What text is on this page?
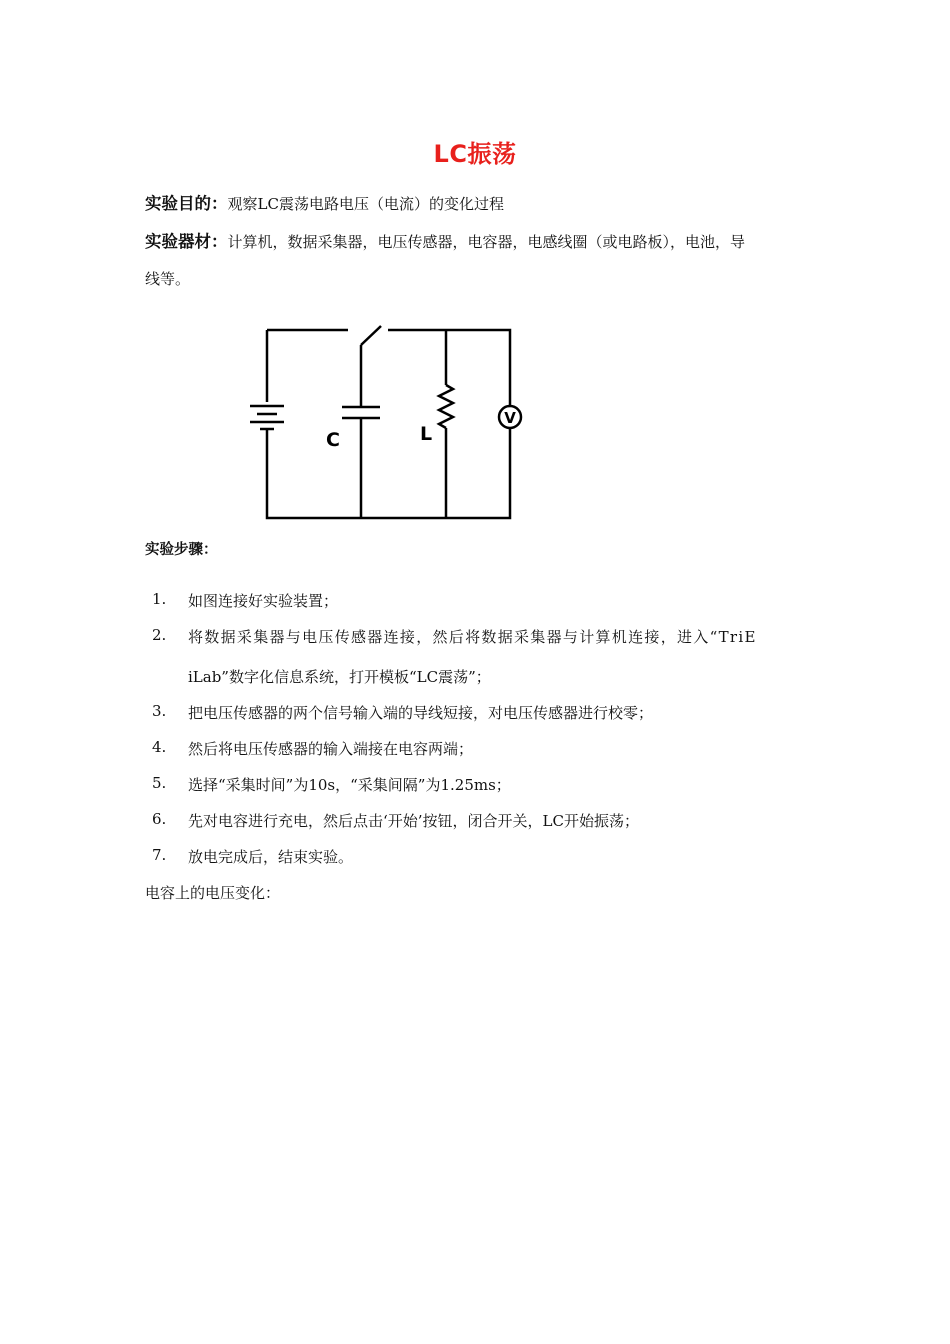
LC振荡
实验目的：观察LC震荡电路电压（电流）的变化过程
实验器材：计算机，数据采集器，电压传感器，电容器，电感线圈（或电路板），电池，导
线等。
V
C	L
实验步骤：
1. 如图连接好实验装置；
2. 将数据采集器与电压传感器连接，然后将数据采集器与计算机连接，进入“TriE
iLab”数字化信息系统，打开模板“LC震荡”；
3. 把电压传感器的两个信号输入端的导线短接，对电压传感器进行校零；
4. 然后将电压传感器的输入端接在电容两端；
5. 选择“采集时间”为10s，“采集间隔”为1.25ms；
6. 先对电容进行充电，然后点击‘开始’按钮，闭合开关，LC开始振荡；
7. 放电完成后，结束实验。
电容上的电压变化：
